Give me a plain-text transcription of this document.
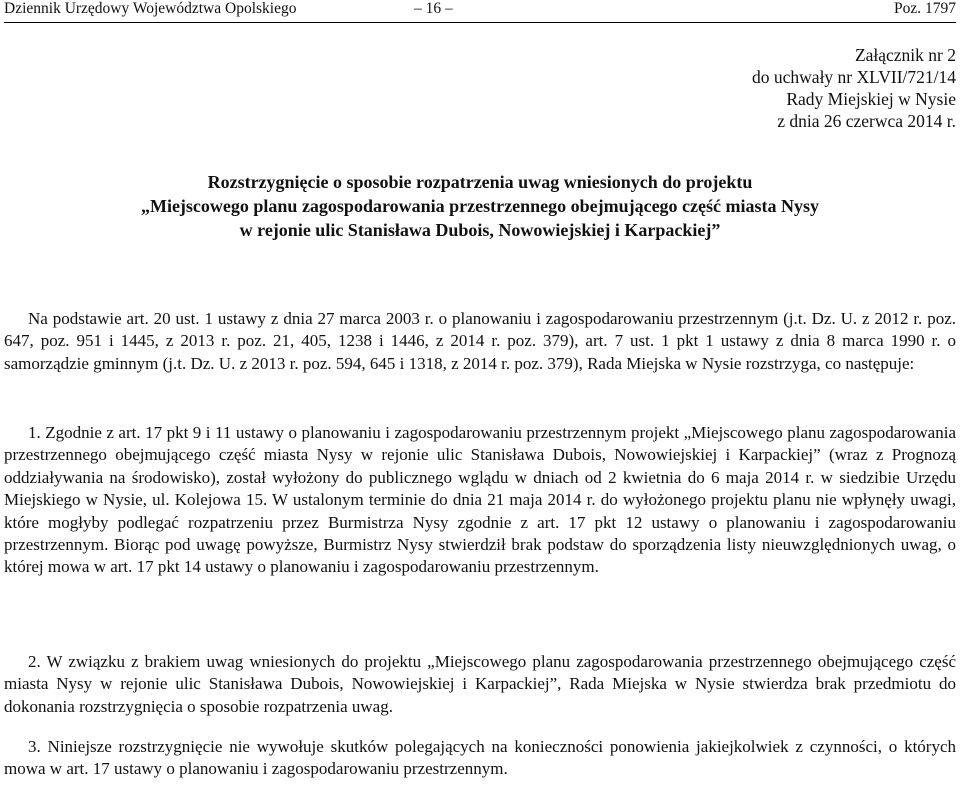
Dziennik Urzędowy Województwa Opolskiego	– 16 –	Poz. 1797
Załącznik nr 2
do uchwały nr XLVII/721/14
Rady Miejskiej w Nysie
z dnia 26 czerwca 2014 r.
Rozstrzygnięcie o sposobie rozpatrzenia uwag wniesionych do projektu
„Miejscowego planu zagospodarowania przestrzennego obejmującego część miasta Nysy
w rejonie ulic Stanisława Dubois, Nowowiejskiej i Karpackiej”

Na podstawie art. 20 ust. 1 ustawy z dnia 27 marca 2003 r. o planowaniu i zagospodarowaniu przestrzennym (j.t. Dz. U. z 2012 r. poz. 647, poz. 951 i 1445, z 2013 r. poz. 21, 405, 1238 i 1446, z 2014 r. poz. 379), art. 7 ust. 1 pkt 1 ustawy z dnia 8 marca 1990 r. o samorządzie gminnym (j.t. Dz. U. z 2013 r. poz. 594, 645 i 1318, z 2014 r. poz. 379), Rada Miejska w Nysie rozstrzyga, co następuje:

1. Zgodnie z art. 17 pkt 9 i 11 ustawy o planowaniu i zagospodarowaniu przestrzennym projekt „Miejscowego planu zagospodarowania przestrzennego obejmującego część miasta Nysy w rejonie ulic Stanisława Dubois, Nowowiejskiej i Karpackiej” (wraz z Prognozą oddziaływania na środowisko), został wyłożony do publicznego wglądu w dniach od 2 kwietnia do 6 maja 2014 r. w siedzibie Urzędu Miejskiego w Nysie, ul. Kolejowa 15. W ustalonym terminie do dnia 21 maja 2014 r. do wyłożonego projektu planu nie wpłynęły uwagi, które mogłyby podlegać rozpatrzeniu przez Burmistrza Nysy zgodnie z art. 17 pkt 12 ustawy o planowaniu i zagospodarowaniu przestrzennym. Biorąc pod uwagę powyższe, Burmistrz Nysy stwierdził brak podstaw do sporządzenia listy nieuwzględnionych uwag, o której mowa w art. 17 pkt 14 ustawy o planowaniu i zagospodarowaniu przestrzennym.

2. W związku z brakiem uwag wniesionych do projektu „Miejscowego planu zagospodarowania przestrzennego obejmującego część miasta Nysy w rejonie ulic Stanisława Dubois, Nowowiejskiej i Karpackiej”, Rada Miejska w Nysie stwierdza brak przedmiotu do dokonania rozstrzygnięcia o sposobie rozpatrzenia uwag.

3. Niniejsze rozstrzygnięcie nie wywołuje skutków polegających na konieczności ponowienia jakiejkolwiek z czynności, o których mowa w art. 17 ustawy o planowaniu i zagospodarowaniu przestrzennym.
